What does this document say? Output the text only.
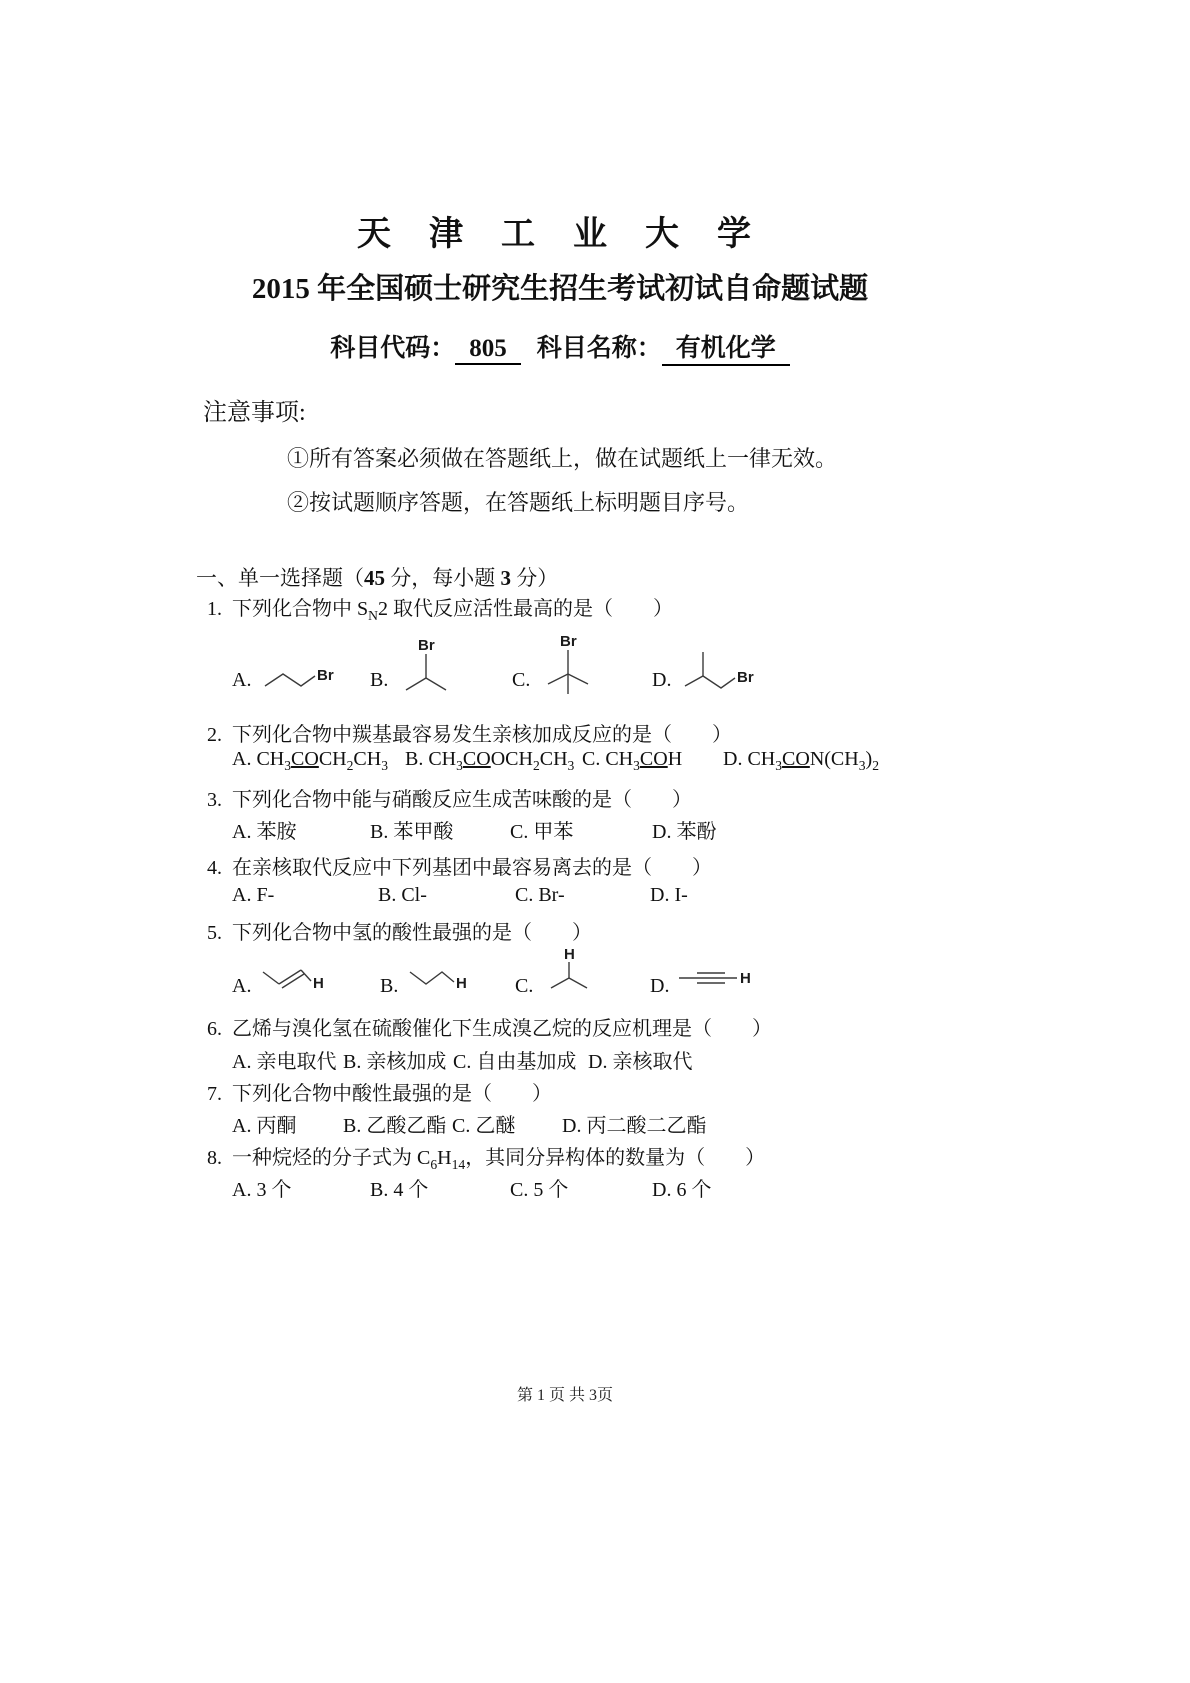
天　津　工　业　大　学
2015 年全国硕士研究生招生考试初试自命题试题
科目代码： 805 科目名称： 有机化学
注意事项:
①所有答案必须做在答题纸上，做在试题纸上一律无效。
②按试题顺序答题，在答题纸上标明题目序号。
一、单一选择题（45 分，每小题 3 分）
1. 下列化合物中 $S_N2$ 取代反应活性最高的是（　　）
A.	Br B.
Br
C.
Br
D.	Br
2. 下列化合物中羰基最容易发生亲核加成反应的是（　　）
A. $CH_3COCH_2CH_3$ B. $CH_3COOCH_2CH_3$ C. $CH_3COH$ D. $CH_3CON(CH_3)_2$
3. 下列化合物中能与硝酸反应生成苦味酸的是（　　）
A. 苯胺	B. 苯甲酸	C. 甲苯	D. 苯酚
4. 在亲核取代反应中下列基团中最容易离去的是（　　）
A. F-	B. Cl-	C. Br-	D. I-
5. 下列化合物中氢的酸性最强的是（　　）
A.	H	B.	H C.
H
D.	H
6. 乙烯与溴化氢在硫酸催化下生成溴乙烷的反应机理是（　　）
A. 亲电取代 B. 亲核加成 C. 自由基加成 D. 亲核取代
7. 下列化合物中酸性最强的是（　　）
A. 丙酮 B. 乙酸乙酯 C. 乙醚 D. 丙二酸二乙酯
8. 一种烷烃的分子式为 $C_6H_{14}$，其同分异构体的数量为（　　）
A. 3 个	B. 4 个	C. 5 个	D. 6 个
第 1 页 共 3页
